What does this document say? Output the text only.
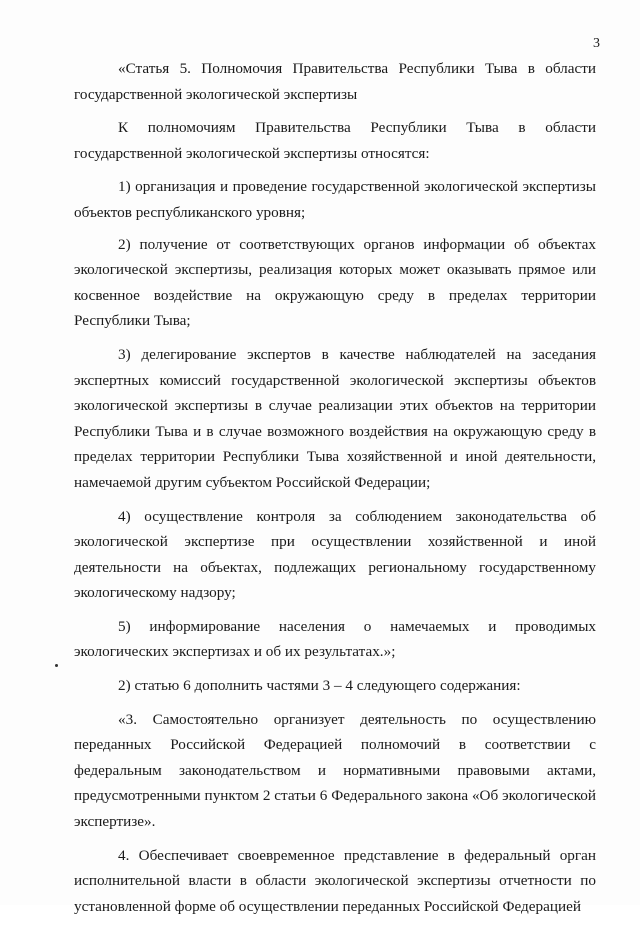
3

«Статья 5. Полномочия Правительства Республики Тыва в области государственной экологической экспертизы

К полномочиям Правительства Республики Тыва в области государственной экологической экспертизы относятся:

1) организация и проведение государственной экологической экспертизы объектов республиканского уровня;

2) получение от соответствующих органов информации об объектах экологической экспертизы, реализация которых может оказывать прямое или косвенное воздействие на окружающую среду в пределах территории Республики Тыва;

3) делегирование экспертов в качестве наблюдателей на заседания экспертных комиссий государственной экологической экспертизы объектов экологической экспертизы в случае реализации этих объектов на территории Республики Тыва и в случае возможного воздействия на окружающую среду в пределах территории Республики Тыва хозяйственной и иной деятельности, намечаемой другим субъектом Российской Федерации;

4) осуществление контроля за соблюдением законодательства об экологической экспертизе при осуществлении хозяйственной и иной деятельности на объектах, подлежащих региональному государственному экологическому надзору;

5) информирование населения о намечаемых и проводимых экологических экспертизах и об их результатах.»;

2) статью 6 дополнить частями 3 – 4 следующего содержания:

«3. Самостоятельно организует деятельность по осуществлению переданных Российской Федерацией полномочий в соответствии с федеральным законодательством и нормативными правовыми актами, предусмотренными пунктом 2 статьи 6 Федерального закона «Об экологической экспертизе».

4. Обеспечивает своевременное представление в федеральный орган исполнительной власти в области экологической экспертизы отчетности по установленной форме об осуществлении переданных Российской Федерацией
